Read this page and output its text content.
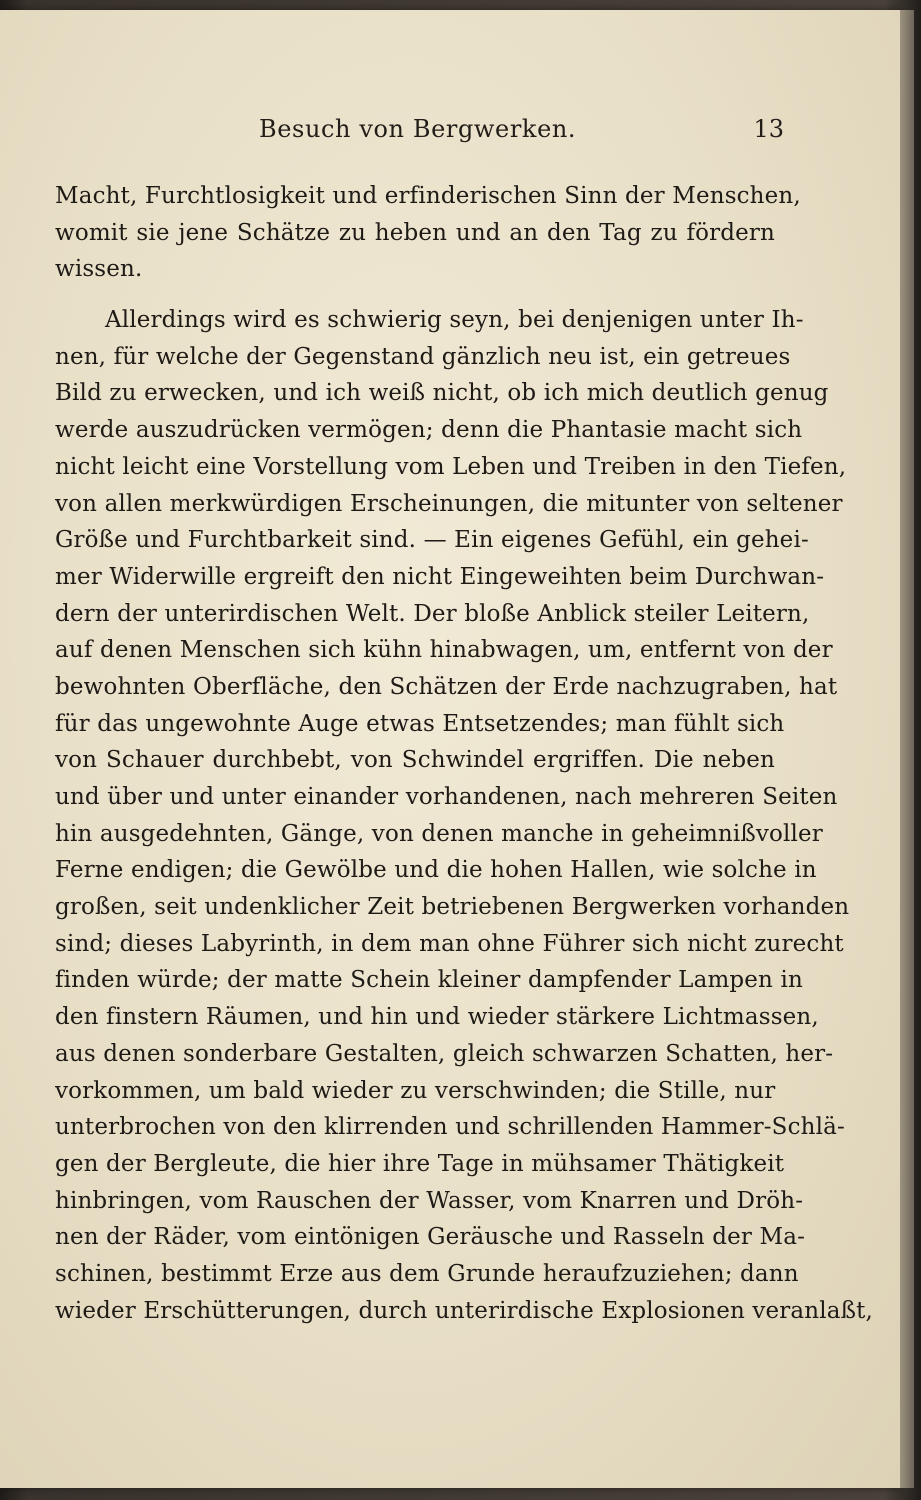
Besuch von Bergwerken.	13
Macht, Furchtlosigkeit und erfinderischen Sinn der Menschen,
womit sie jene Schätze zu heben und an den Tag zu fördern
wissen.
Allerdings wird es schwierig seyn, bei denjenigen unter Ih-
nen, für welche der Gegenstand gänzlich neu ist, ein getreues
Bild zu erwecken, und ich weiß nicht, ob ich mich deutlich genug
werde auszudrücken vermögen; denn die Phantasie macht sich
nicht leicht eine Vorstellung vom Leben und Treiben in den Tiefen,
von allen merkwürdigen Erscheinungen, die mitunter von seltener
Größe und Furchtbarkeit sind. — Ein eigenes Gefühl, ein gehei-
mer Widerwille ergreift den nicht Eingeweihten beim Durchwan-
dern der unterirdischen Welt. Der bloße Anblick steiler Leitern,
auf denen Menschen sich kühn hinabwagen, um, entfernt von der
bewohnten Oberfläche, den Schätzen der Erde nachzugraben, hat
für das ungewohnte Auge etwas Entsetzendes; man fühlt sich
von Schauer durchbebt, von Schwindel ergriffen. Die neben
und über und unter einander vorhandenen, nach mehreren Seiten
hin ausgedehnten, Gänge, von denen manche in geheimnißvoller
Ferne endigen; die Gewölbe und die hohen Hallen, wie solche in
großen, seit undenklicher Zeit betriebenen Bergwerken vorhanden
sind; dieses Labyrinth, in dem man ohne Führer sich nicht zurecht
finden würde; der matte Schein kleiner dampfender Lampen in
den finstern Räumen, und hin und wieder stärkere Lichtmassen,
aus denen sonderbare Gestalten, gleich schwarzen Schatten, her-
vorkommen, um bald wieder zu verschwinden; die Stille, nur
unterbrochen von den klirrenden und schrillenden Hammer-Schlä-
gen der Bergleute, die hier ihre Tage in mühsamer Thätigkeit
hinbringen, vom Rauschen der Wasser, vom Knarren und Dröh-
nen der Räder, vom eintönigen Geräusche und Rasseln der Ma-
schinen, bestimmt Erze aus dem Grunde heraufzuziehen; dann
wieder Erschütterungen, durch unterirdische Explosionen veranlaßt,
